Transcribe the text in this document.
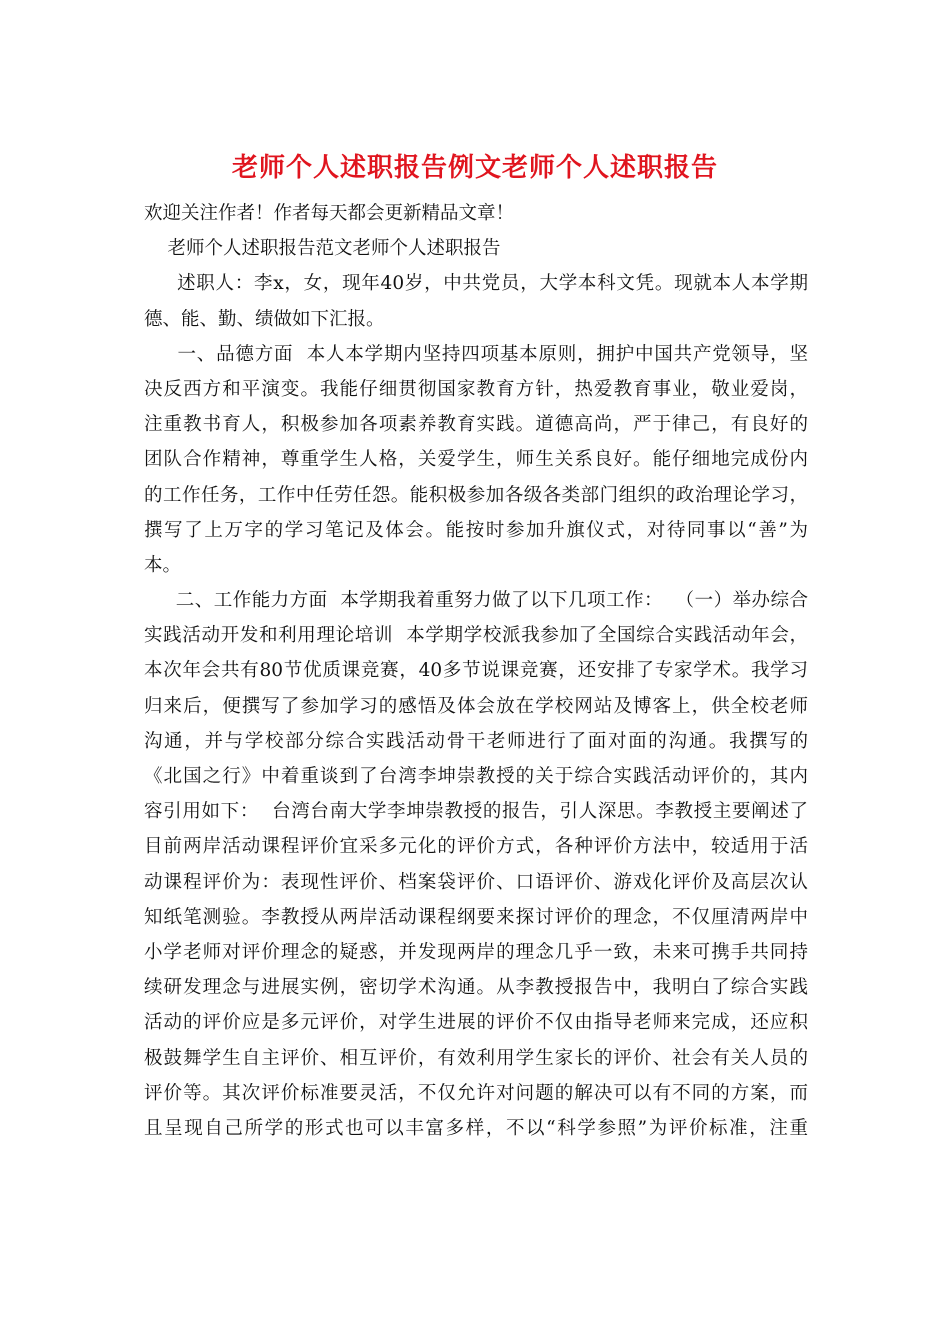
老师个人述职报告例文老师个人述职报告
欢迎关注作者！作者每天都会更新精品文章！
老师个人述职报告范文老师个人述职报告
述职人：李x，女，现年40岁，中共党员，大学本科文凭。现就本人本学期
德、能、勤、绩做如下汇报。
一、品德方面  本人本学期内坚持四项基本原则，拥护中国共产党领导，坚
决反西方和平演变。我能仔细贯彻国家教育方针，热爱教育事业，敬业爱岗，
注重教书育人，积极参加各项素养教育实践。道德高尚，严于律己，有良好的
团队合作精神，尊重学生人格，关爱学生，师生关系良好。能仔细地完成份内
的工作任务，工作中任劳任怨。能积极参加各级各类部门组织的政治理论学习，
撰写了上万字的学习笔记及体会。能按时参加升旗仪式，对待同事以“善”为
本。
二、工作能力方面  本学期我着重努力做了以下几项工作：  （一）举办综合
实践活动开发和利用理论培训  本学期学校派我参加了全国综合实践活动年会，
本次年会共有80节优质课竞赛，40多节说课竞赛，还安排了专家学术。我学习
归来后，便撰写了参加学习的感悟及体会放在学校网站及博客上，供全校老师
沟通，并与学校部分综合实践活动骨干老师进行了面对面的沟通。我撰写的
《北国之行》中着重谈到了台湾李坤崇教授的关于综合实践活动评价的，其内
容引用如下：  台湾台南大学李坤崇教授的报告，引人深思。李教授主要阐述了
目前两岸活动课程评价宜采多元化的评价方式，各种评价方法中，较适用于活
动课程评价为：表现性评价、档案袋评价、口语评价、游戏化评价及高层次认
知纸笔测验。李教授从两岸活动课程纲要来探讨评价的理念，不仅厘清两岸中
小学老师对评价理念的疑惑，并发现两岸的理念几乎一致，未来可携手共同持
续研发理念与进展实例，密切学术沟通。从李教授报告中，我明白了综合实践
活动的评价应是多元评价，对学生进展的评价不仅由指导老师来完成，还应积
极鼓舞学生自主评价、相互评价，有效利用学生家长的评价、社会有关人员的
评价等。其次评价标准要灵活，不仅允许对问题的解决可以有不同的方案，而
且呈现自己所学的形式也可以丰富多样，不以“科学参照”为评价标准，注重
